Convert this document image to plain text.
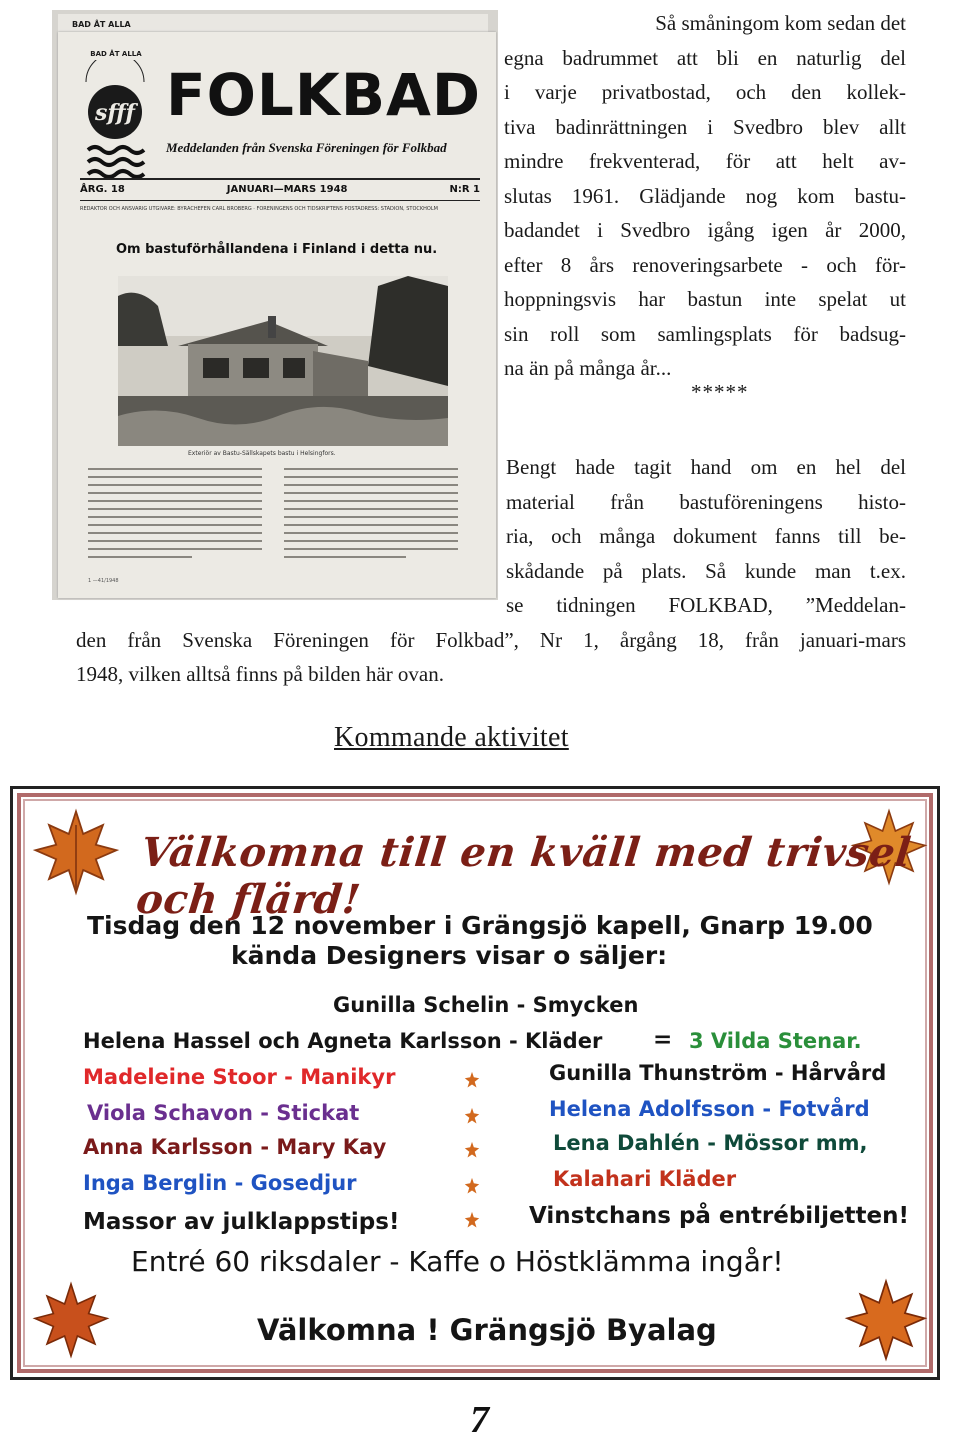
BAD ÅT ALLA
sfff
BAD ÅT ALLA
FOLKBAD
Meddelanden från Svenska Föreningen för Folkbad
ÅRG. 18	JANUARI—MARS 1948	N:R 1
REDAKTÖR OCH ANSVARIG UTGIVARE: BYRÅCHEFEN CARL BROBERG · FÖRENINGENS OCH TIDSKRIFTENS POSTADRESS: STADION, STOCKHOLM
Om bastuförhållandena i Finland i detta nu.
Exteriör av Bastu-Sällskapets bastu i Helsingfors.
1 —41/1948

Så småningom kom sedan det
egna badrummet att bli en naturlig del
i varje privatbostad, och den kollek-
tiva badinrättningen i Svedbro blev allt
mindre frekventerad, för att helt av-
slutas 1961. Glädjande nog kom bastu-
badandet i Svedbro igång igen år 2000,
efter 8 års renoveringsarbete - och för-
hoppningsvis har bastun inte spelat ut
sin roll som samlingsplats för badsug-
na än på många år...

*****

Bengt hade tagit hand om en hel del
material från bastuföreningens histo-
ria, och många dokument fanns till be-
skådande på plats. Så kunde man t.ex.

se tidningen FOLKBAD, ”Meddelan-
den från Svenska Föreningen för Folkbad”, Nr 1, årgång 18, från januari-mars
1948, vilken alltså finns på bilden här ovan.

Kommande aktivitet
Välkomna till en kväll med trivsel och flärd!
Tisdag den 12 november i Grängsjö kapell, Gnarp 19.00
kända Designers visar o säljer:
Gunilla Schelin - Smycken
Helena Hassel och Agneta Karlsson - Kläder = 3 Vilda Stenar.
Madeleine Stoor - Manikyr
Viola Schavon - Stickat
Anna Karlsson - Mary Kay
Inga Berglin - Gosedjur
Gunilla Thunström - Hårvård
Helena Adolfsson - Fotvård
Lena Dahlén - Mössor mm,
Kalahari Kläder
Massor av julklappstips!	Vinstchans på entrébiljetten!
Entré 60 riksdaler - Kaffe o Höstklämma ingår!
Välkomna ! Grängsjö Byalag
7
